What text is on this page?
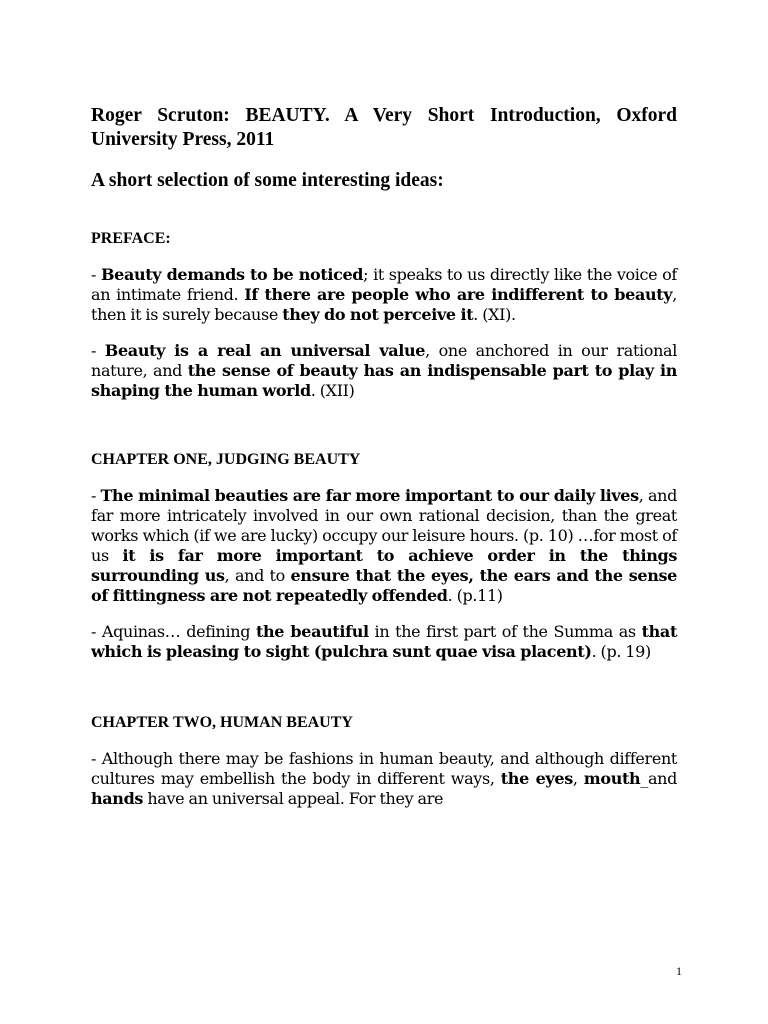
Roger Scruton: BEAUTY. A Very Short Introduction, Oxford University Press, 2011

A short selection of some interesting ideas:

PREFACE:

- Beauty demands to be noticed; it speaks to us directly like the voice of an intimate friend. If there are people who are indifferent to beauty, then it is surely because they do not perceive it. (XI).

- Beauty is a real an universal value, one anchored in our rational nature, and the sense of beauty has an indispensable part to play in shaping the human world. (XII)

CHAPTER ONE, JUDGING BEAUTY

- The minimal beauties are far more important to our daily lives, and far more intricately involved in our own rational decision, than the great works which (if we are lucky) occupy our leisure hours. (p. 10) …for most of us it is far more important to achieve order in the things surrounding us, and to ensure that the eyes, the ears and the sense of fittingness are not repeatedly offended. (p.11)

- Aquinas… defining the beautiful in the first part of the Summa as that which is pleasing to sight (pulchra sunt quae visa placent). (p. 19)

CHAPTER TWO, HUMAN BEAUTY

- Although there may be fashions in human beauty, and although different cultures may embellish the body in different ways, the eyes, mouth_and hands have an universal appeal. For they are

1
